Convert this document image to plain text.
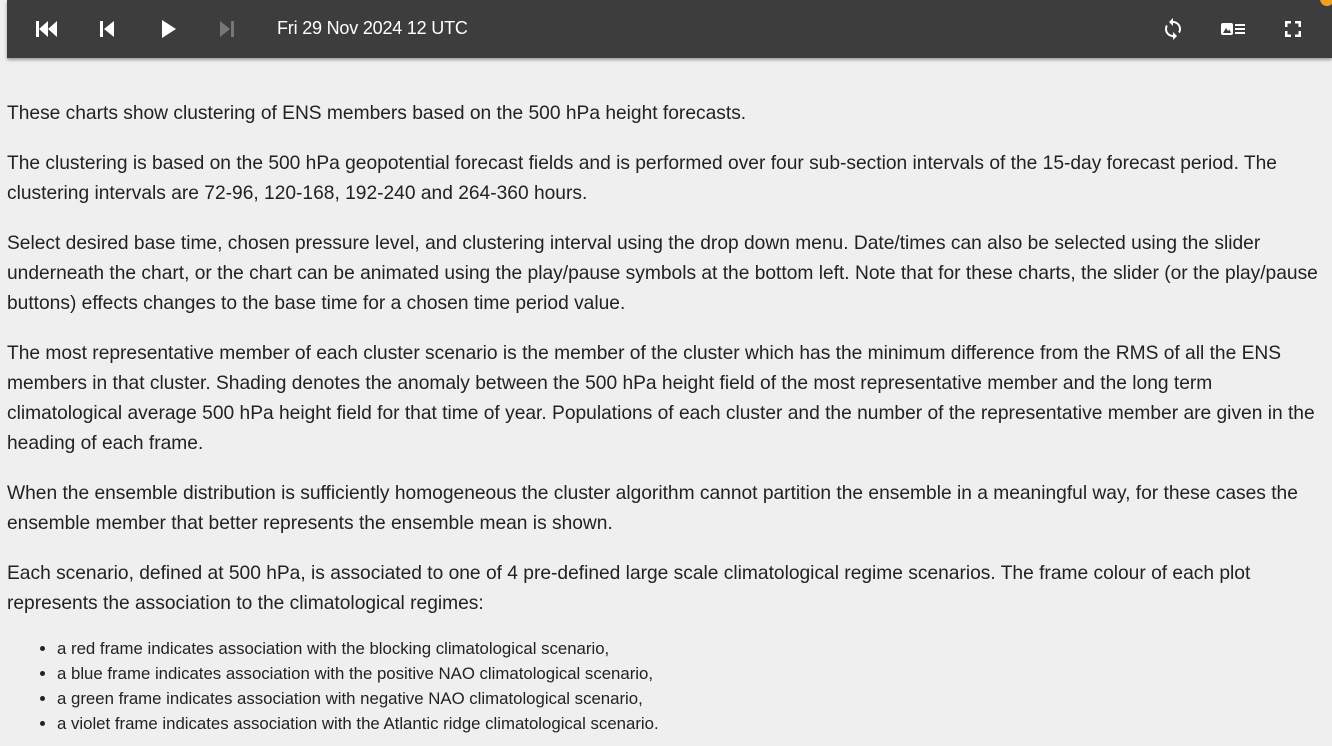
Fri 29 Nov 2024 12 UTC

These charts show clustering of ENS members based on the 500 hPa height forecasts.

The clustering is based on the 500 hPa geopotential forecast fields and is performed over four sub-section intervals of the 15-day forecast period. The clustering intervals are 72-96, 120-168, 192-240 and 264-360 hours.

Select desired base time, chosen pressure level, and clustering interval using the drop down menu. Date/times can also be selected using the slider underneath the chart, or the chart can be animated using the play/pause symbols at the bottom left. Note that for these charts, the slider (or the play/pause buttons) effects changes to the base time for a chosen time period value.

The most representative member of each cluster scenario is the member of the cluster which has the minimum difference from the RMS of all the ENS members in that cluster. Shading denotes the anomaly between the 500 hPa height field of the most representative member and the long term climatological average 500 hPa height field for that time of year. Populations of each cluster and the number of the representative member are given in the heading of each frame.

When the ensemble distribution is sufficiently homogeneous the cluster algorithm cannot partition the ensemble in a meaningful way, for these cases the ensemble member that better represents the ensemble mean is shown.

Each scenario, defined at 500 hPa, is associated to one of 4 pre-defined large scale climatological regime scenarios. The frame colour of each plot represents the association to the climatological regimes:

• a red frame indicates association with the blocking climatological scenario,
• a blue frame indicates association with the positive NAO climatological scenario,
• a green frame indicates association with negative NAO climatological scenario,
• a violet frame indicates association with the Atlantic ridge climatological scenario.
